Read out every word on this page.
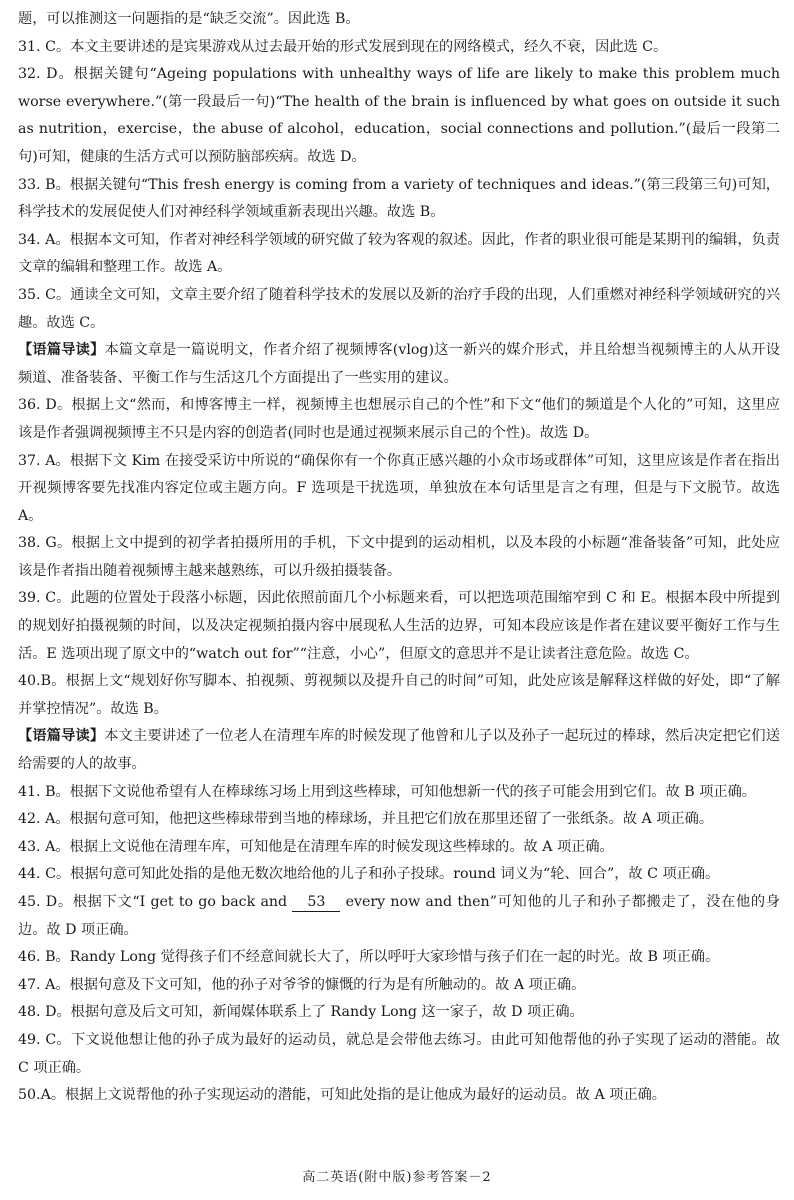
题，可以推测这一问题指的是“缺乏交流”。因此选 B。
31. C。本文主要讲述的是宾果游戏从过去最开始的形式发展到现在的网络模式，经久不衰，因此选 C。
32. D。根据关键句“Ageing populations with unhealthy ways of life are likely to make this problem much worse everywhere.”(第一段最后一句)“The health of the brain is influenced by what goes on outside it such as nutrition，exercise，the abuse of alcohol，education，social connections and pollution.”(最后一段第二句)可知，健康的生活方式可以预防脑部疾病。故选 D。
33. B。根据关键句“This fresh energy is coming from a variety of techniques and ideas.”(第三段第三句)可知，科学技术的发展促使人们对神经科学领域重新表现出兴趣。故选 B。
34. A。根据本文可知，作者对神经科学领域的研究做了较为客观的叙述。因此，作者的职业很可能是某期刊的编辑，负责文章的编辑和整理工作。故选 A。
35. C。通读全文可知，文章主要介绍了随着科学技术的发展以及新的治疗手段的出现，人们重燃对神经科学领域研究的兴趣。故选 C。
【语篇导读】本篇文章是一篇说明文，作者介绍了视频博客(vlog)这一新兴的媒介形式，并且给想当视频博主的人从开设频道、准备装备、平衡工作与生活这几个方面提出了一些实用的建议。
36. D。根据上文“然而，和博客博主一样，视频博主也想展示自己的个性”和下文“他们的频道是个人化的”可知，这里应该是作者强调视频博主不只是内容的创造者(同时也是通过视频来展示自己的个性)。故选 D。
37. A。根据下文 Kim 在接受采访中所说的“确保你有一个你真正感兴趣的小众市场或群体”可知，这里应该是作者在指出开视频博客要先找准内容定位或主题方向。F 选项是干扰选项，单独放在本句话里是言之有理，但是与下文脱节。故选 A。
38. G。根据上文中提到的初学者拍摄所用的手机，下文中提到的运动相机，以及本段的小标题“准备装备”可知，此处应该是作者指出随着视频博主越来越熟练，可以升级拍摄装备。
39. C。此题的位置处于段落小标题，因此依照前面几个小标题来看，可以把选项范围缩窄到 C 和 E。根据本段中所提到的规划好拍摄视频的时间，以及决定视频拍摄内容中展现私人生活的边界，可知本段应该是作者在建议要平衡好工作与生活。E 选项出现了原文中的“watch out for”“注意，小心”，但原文的意思并不是让读者注意危险。故选 C。
40.B。根据上文“规划好你写脚本、拍视频、剪视频以及提升自己的时间”可知，此处应该是解释这样做的好处，即“了解并掌控情况”。故选 B。
【语篇导读】本文主要讲述了一位老人在清理车库的时候发现了他曾和儿子以及孙子一起玩过的棒球，然后决定把它们送给需要的人的故事。
41. B。根据下文说他希望有人在棒球练习场上用到这些棒球，可知他想新一代的孩子可能会用到它们。故 B 项正确。
42. A。根据句意可知，他把这些棒球带到当地的棒球场，并且把它们放在那里还留了一张纸条。故 A 项正确。
43. A。根据上文说他在清理车库，可知他是在清理车库的时候发现这些棒球的。故 A 项正确。
44. C。根据句意可知此处指的是他无数次地给他的儿子和孙子投球。round 词义为“轮、回合”，故 C 项正确。
45. D。根据下文“I get to go back and 53 every now and then”可知他的儿子和孙子都搬走了，没在他的身边。故 D 项正确。
46. B。Randy Long 觉得孩子们不经意间就长大了，所以呼吁大家珍惜与孩子们在一起的时光。故 B 项正确。
47. A。根据句意及下文可知，他的孙子对爷爷的慷慨的行为是有所触动的。故 A 项正确。
48. D。根据句意及后文可知，新闻媒体联系上了 Randy Long 这一家子，故 D 项正确。
49. C。下文说他想让他的孙子成为最好的运动员，就总是会带他去练习。由此可知他帮他的孙子实现了运动的潜能。故 C 项正确。
50.A。根据上文说帮他的孙子实现运动的潜能，可知此处指的是让他成为最好的运动员。故 A 项正确。
高二英语(附中版)参考答案－2
